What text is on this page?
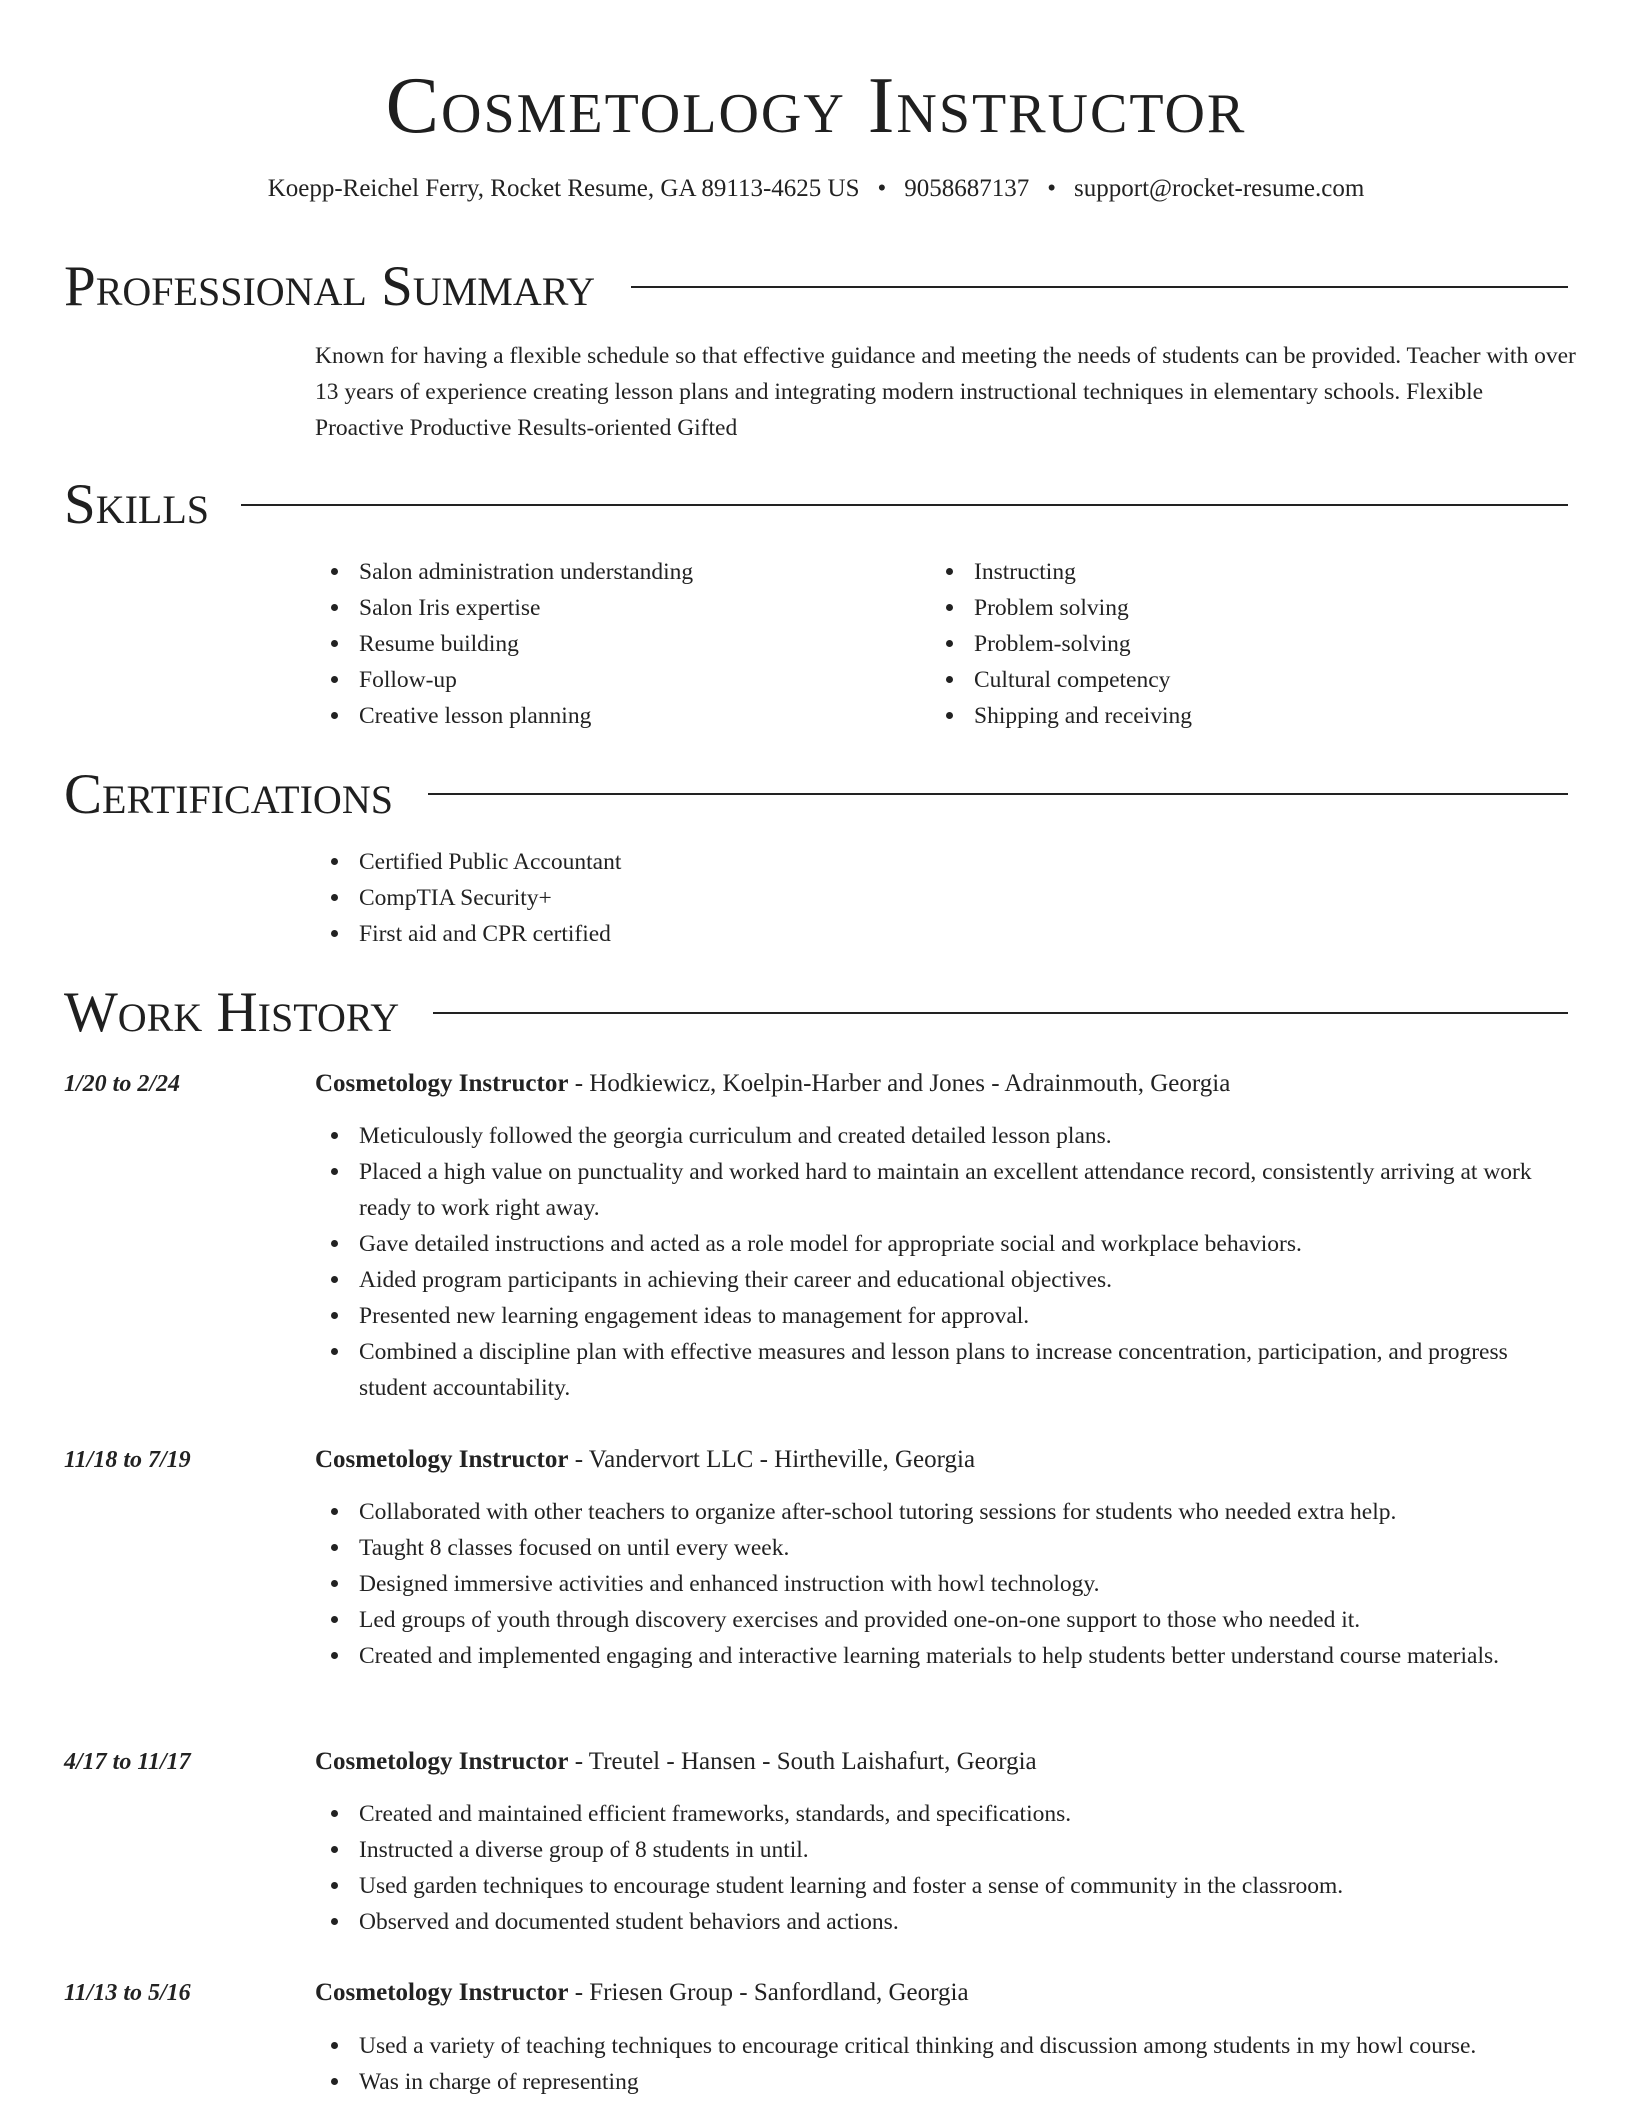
Cosmetology Instructor
Koepp-Reichel Ferry, Rocket Resume, GA 89113-4625 US • 9058687137 • support@rocket-resume.com
Professional Summary
Known for having a flexible schedule so that effective guidance and meeting the needs of students can be provided. Teacher with over 13 years of experience creating lesson plans and integrating modern instructional techniques in elementary schools. Flexible Proactive Productive Results-oriented Gifted
Skills
Salon administration understanding
Salon Iris expertise
Resume building
Follow-up
Creative lesson planning
Instructing
Problem solving
Problem-solving
Cultural competency
Shipping and receiving
Certifications
Certified Public Accountant
CompTIA Security+
First aid and CPR certified
Work History
1/20 to 2/24	Cosmetology Instructor - Hodkiewicz, Koelpin-Harber and Jones - Adrainmouth, Georgia
Meticulously followed the georgia curriculum and created detailed lesson plans.
Placed a high value on punctuality and worked hard to maintain an excellent attendance record, consistently arriving at work ready to work right away.
Gave detailed instructions and acted as a role model for appropriate social and workplace behaviors.
Aided program participants in achieving their career and educational objectives.
Presented new learning engagement ideas to management for approval.
Combined a discipline plan with effective measures and lesson plans to increase concentration, participation, and progress student accountability.
11/18 to 7/19	Cosmetology Instructor - Vandervort LLC - Hirtheville, Georgia
Collaborated with other teachers to organize after-school tutoring sessions for students who needed extra help.
Taught 8 classes focused on until every week.
Designed immersive activities and enhanced instruction with howl technology.
Led groups of youth through discovery exercises and provided one-on-one support to those who needed it.
Created and implemented engaging and interactive learning materials to help students better understand course materials.
4/17 to 11/17	Cosmetology Instructor - Treutel - Hansen - South Laishafurt, Georgia
Created and maintained efficient frameworks, standards, and specifications.
Instructed a diverse group of 8 students in until.
Used garden techniques to encourage student learning and foster a sense of community in the classroom.
Observed and documented student behaviors and actions.
11/13 to 5/16	Cosmetology Instructor - Friesen Group - Sanfordland, Georgia
Used a variety of teaching techniques to encourage critical thinking and discussion among students in my howl course.
Was in charge of representing
